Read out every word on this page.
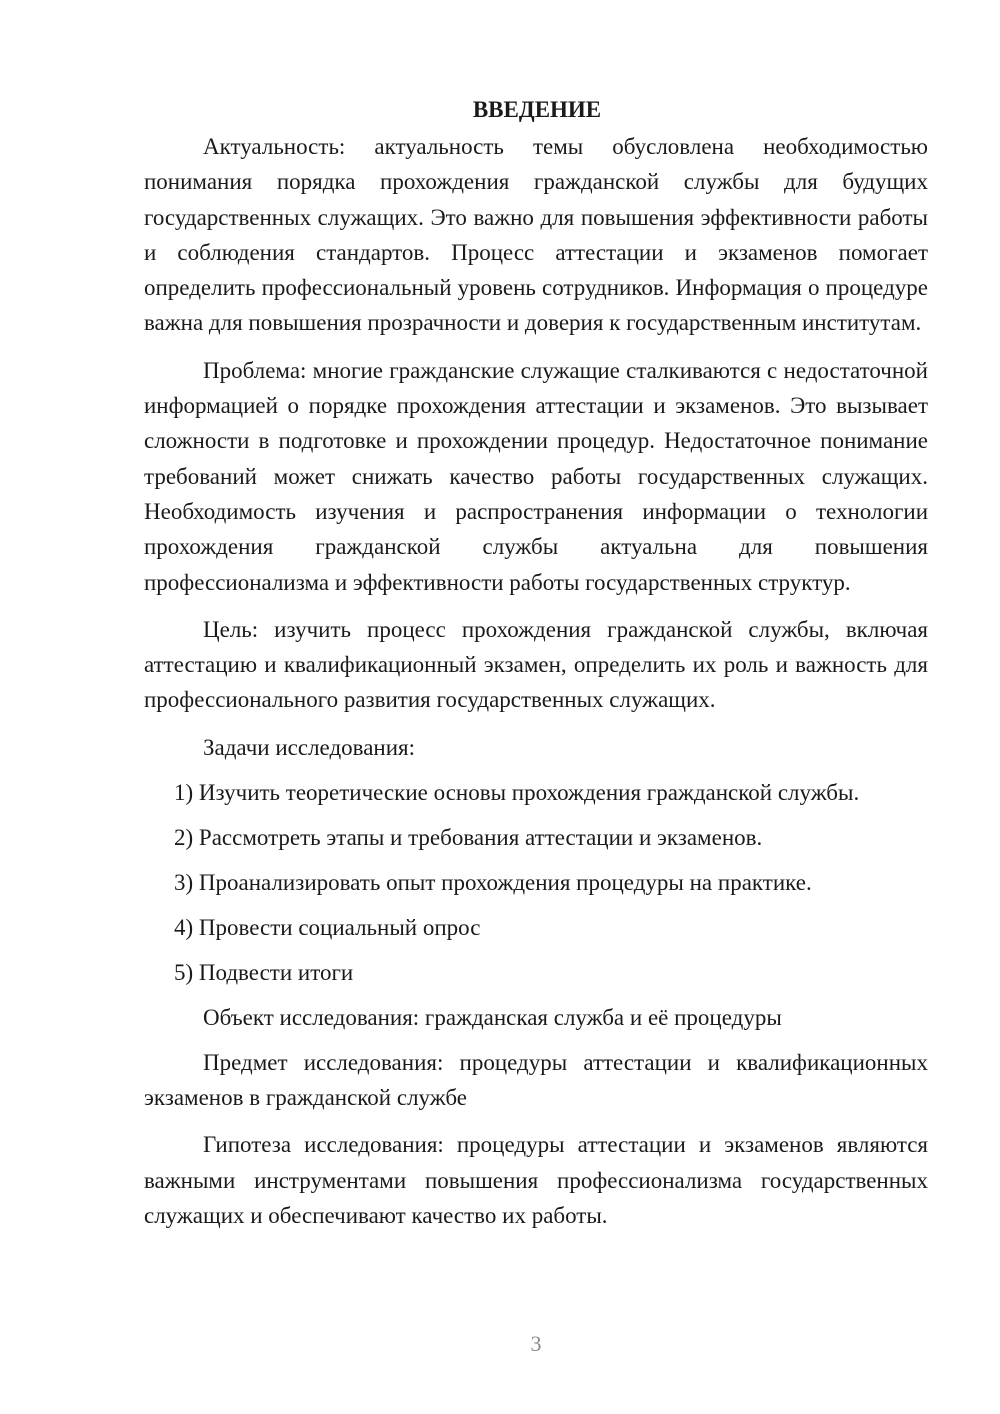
ВВЕДЕНИЕ

Актуальность: актуальность темы обусловлена необходимостью понимания порядка прохождения гражданской службы для будущих государственных служащих. Это важно для повышения эффективности работы и соблюдения стандартов. Процесс аттестации и экзаменов помогает определить профессиональный уровень сотрудников. Информация о процедуре важна для повышения прозрачности и доверия к государственным институтам.

Проблема: многие гражданские служащие сталкиваются с недостаточной информацией о порядке прохождения аттестации и экзаменов. Это вызывает сложности в подготовке и прохождении процедур. Недостаточное понимание требований может снижать качество работы государственных служащих. Необходимость изучения и распространения информации о технологии прохождения гражданской службы актуальна для повышения профессионализма и эффективности работы государственных структур.

Цель: изучить процесс прохождения гражданской службы, включая аттестацию и квалификационный экзамен, определить их роль и важность для профессионального развития государственных служащих.

Задачи исследования:

1) Изучить теоретические основы прохождения гражданской службы.

2) Рассмотреть этапы и требования аттестации и экзаменов.

3) Проанализировать опыт прохождения процедуры на практике.

4) Провести социальный опрос

5) Подвести итоги

Объект исследования: гражданская служба и её процедуры

Предмет исследования: процедуры аттестации и квалификационных экзаменов в гражданской службе

Гипотеза исследования: процедуры аттестации и экзаменов являются важными инструментами повышения профессионализма государственных служащих и обеспечивают качество их работы.

3
